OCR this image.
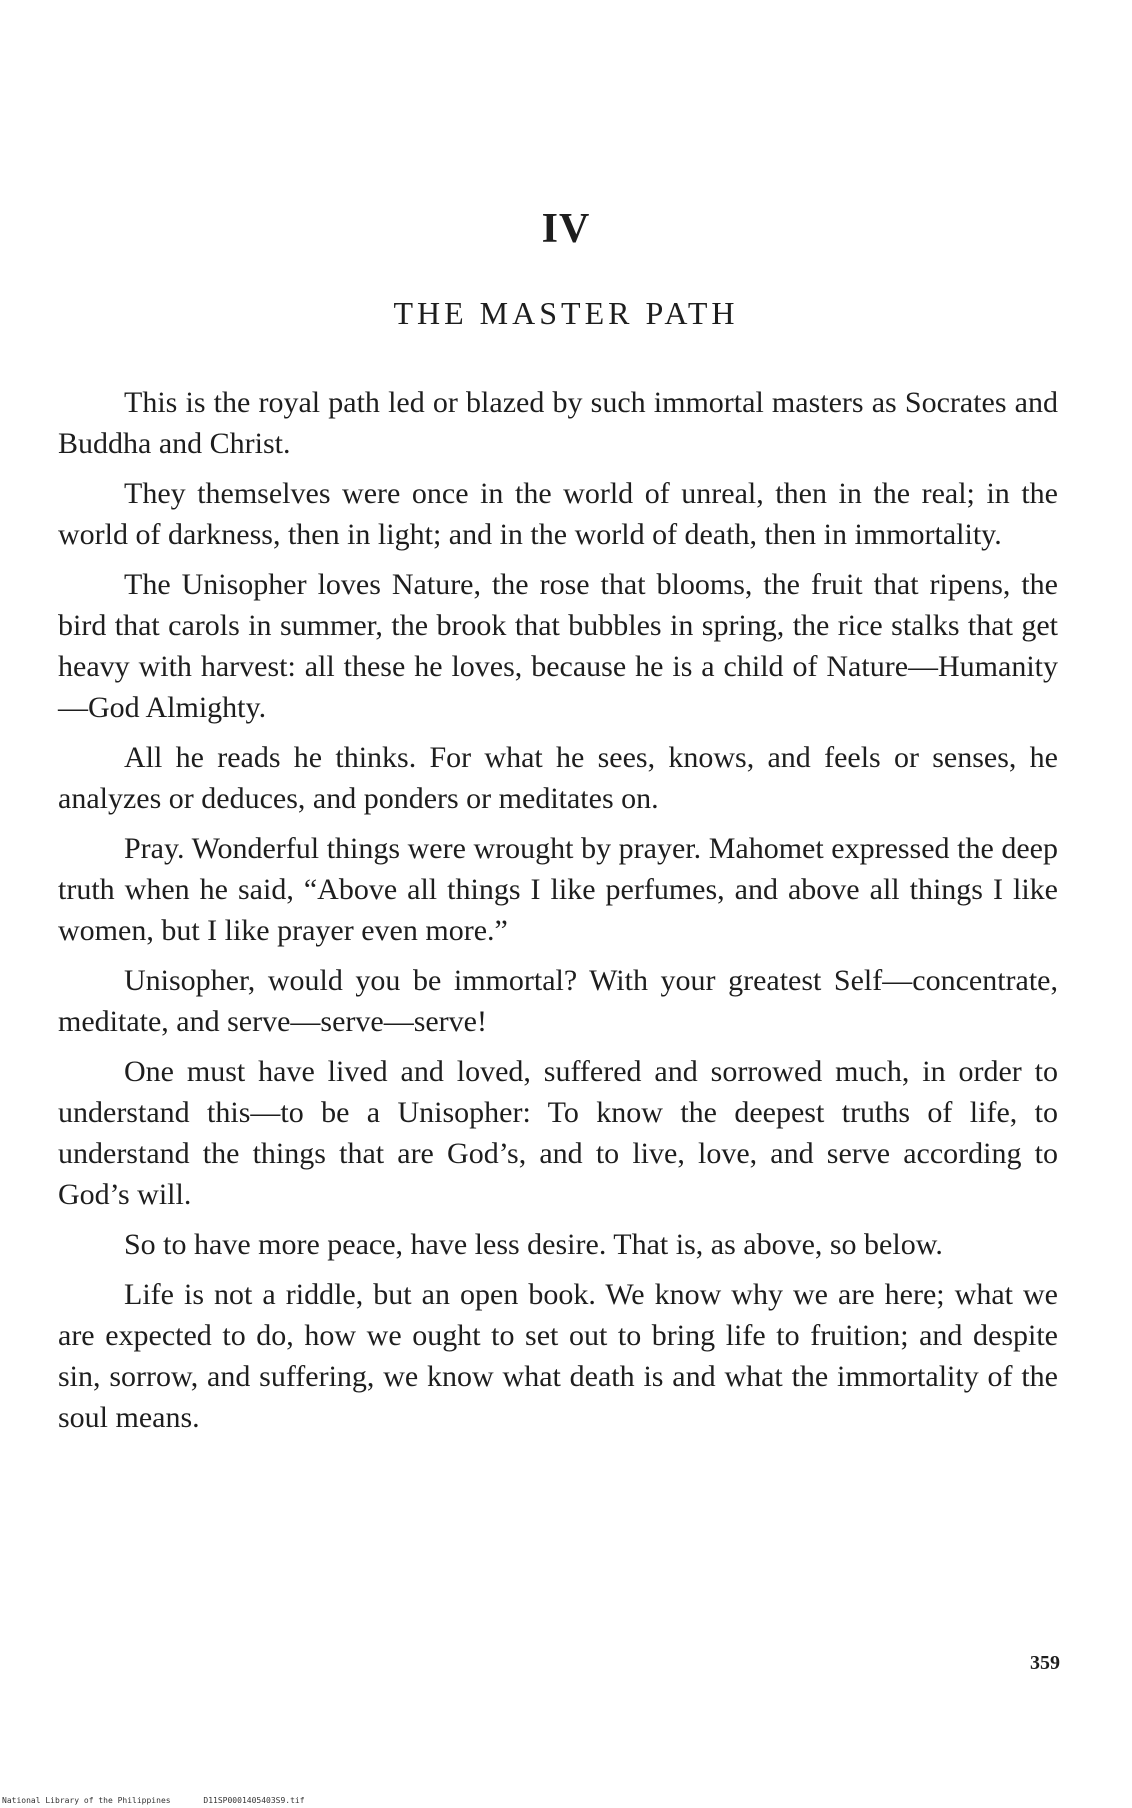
IV
THE MASTER PATH

This is the royal path led or blazed by such immortal masters as Socrates and Buddha and Christ.

They themselves were once in the world of unreal, then in the real; in the world of darkness, then in light; and in the world of death, then in immortality.

The Unisopher loves Nature, the rose that blooms, the fruit that ripens, the bird that carols in summer, the brook that bubbles in spring, the rice stalks that get heavy with harvest: all these he loves, because he is a child of Nature—Humanity—God Almighty.

All he reads he thinks. For what he sees, knows, and feels or senses, he analyzes or deduces, and ponders or meditates on.

Pray. Wonderful things were wrought by prayer. Mahomet expressed the deep truth when he said, “Above all things I like perfumes, and above all things I like women, but I like prayer even more.”

Unisopher, would you be immortal? With your greatest Self—concentrate, meditate, and serve—serve—serve!

One must have lived and loved, suffered and sorrowed much, in order to understand this—to be a Unisopher: To know the deepest truths of life, to understand the things that are God’s, and to live, love, and serve according to God’s will.

So to have more peace, have less desire. That is, as above, so below.

Life is not a riddle, but an open book. We know why we are here; what we are expected to do, how we ought to set out to bring life to fruition; and despite sin, sorrow, and suffering, we know what death is and what the immortality of the soul means.

359
National Library of the Philippines	D11SP0001405403S9.tif
